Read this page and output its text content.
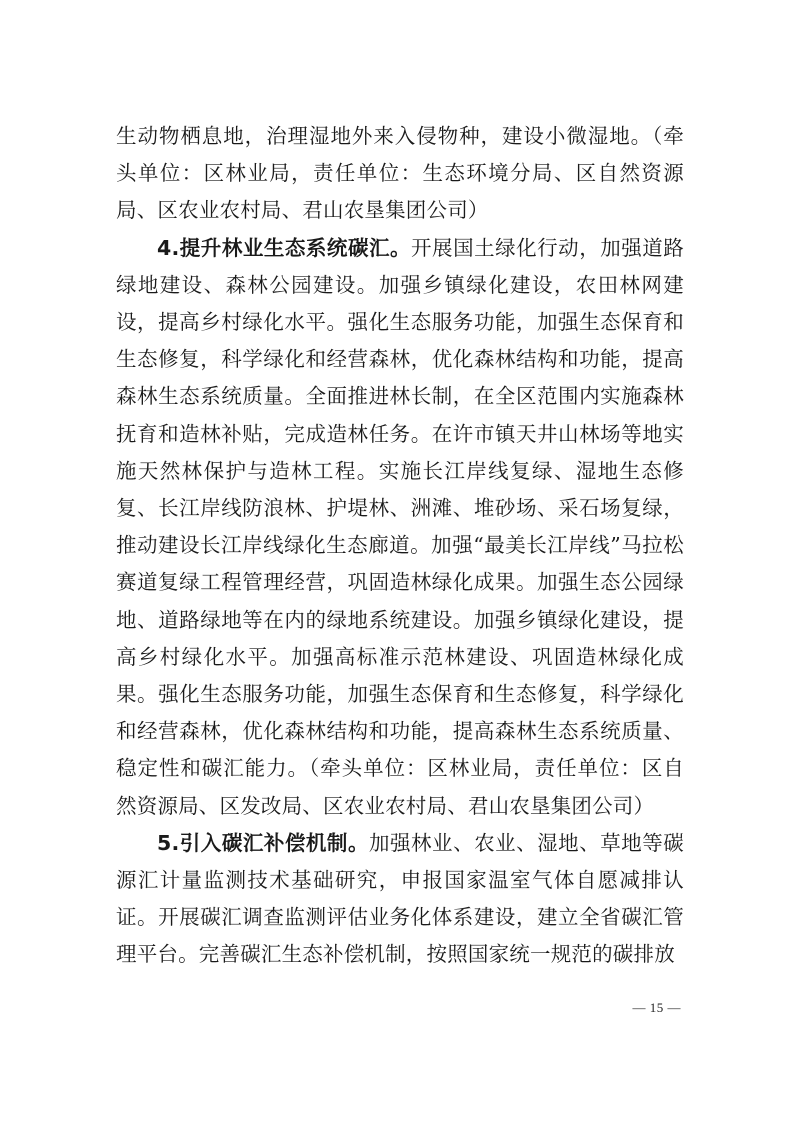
生动物栖息地，治理湿地外来入侵物种，建设小微湿地。（牵头单位：区林业局，责任单位：生态环境分局、区自然资源局、区农业农村局、君山农垦集团公司）

4.提升林业生态系统碳汇。开展国土绿化行动，加强道路绿地建设、森林公园建设。加强乡镇绿化建设，农田林网建设，提高乡村绿化水平。强化生态服务功能，加强生态保育和生态修复，科学绿化和经营森林，优化森林结构和功能，提高森林生态系统质量。全面推进林长制，在全区范围内实施森林抚育和造林补贴，完成造林任务。在许市镇天井山林场等地实施天然林保护与造林工程。实施长江岸线复绿、湿地生态修复、长江岸线防浪林、护堤林、洲滩、堆砂场、采石场复绿，推动建设长江岸线绿化生态廊道。加强“最美长江岸线”马拉松赛道复绿工程管理经营，巩固造林绿化成果。加强生态公园绿地、道路绿地等在内的绿地系统建设。加强乡镇绿化建设，提高乡村绿化水平。加强高标准示范林建设、巩固造林绿化成果。强化生态服务功能，加强生态保育和生态修复，科学绿化和经营森林，优化森林结构和功能，提高森林生态系统质量、稳定性和碳汇能力。（牵头单位：区林业局，责任单位：区自然资源局、区发改局、区农业农村局、君山农垦集团公司）

5.引入碳汇补偿机制。加强林业、农业、湿地、草地等碳源汇计量监测技术基础研究，申报国家温室气体自愿减排认证。开展碳汇调查监测评估业务化体系建设，建立全省碳汇管理平台。完善碳汇生态补偿机制，按照国家统一规范的碳排放

— 15 —
